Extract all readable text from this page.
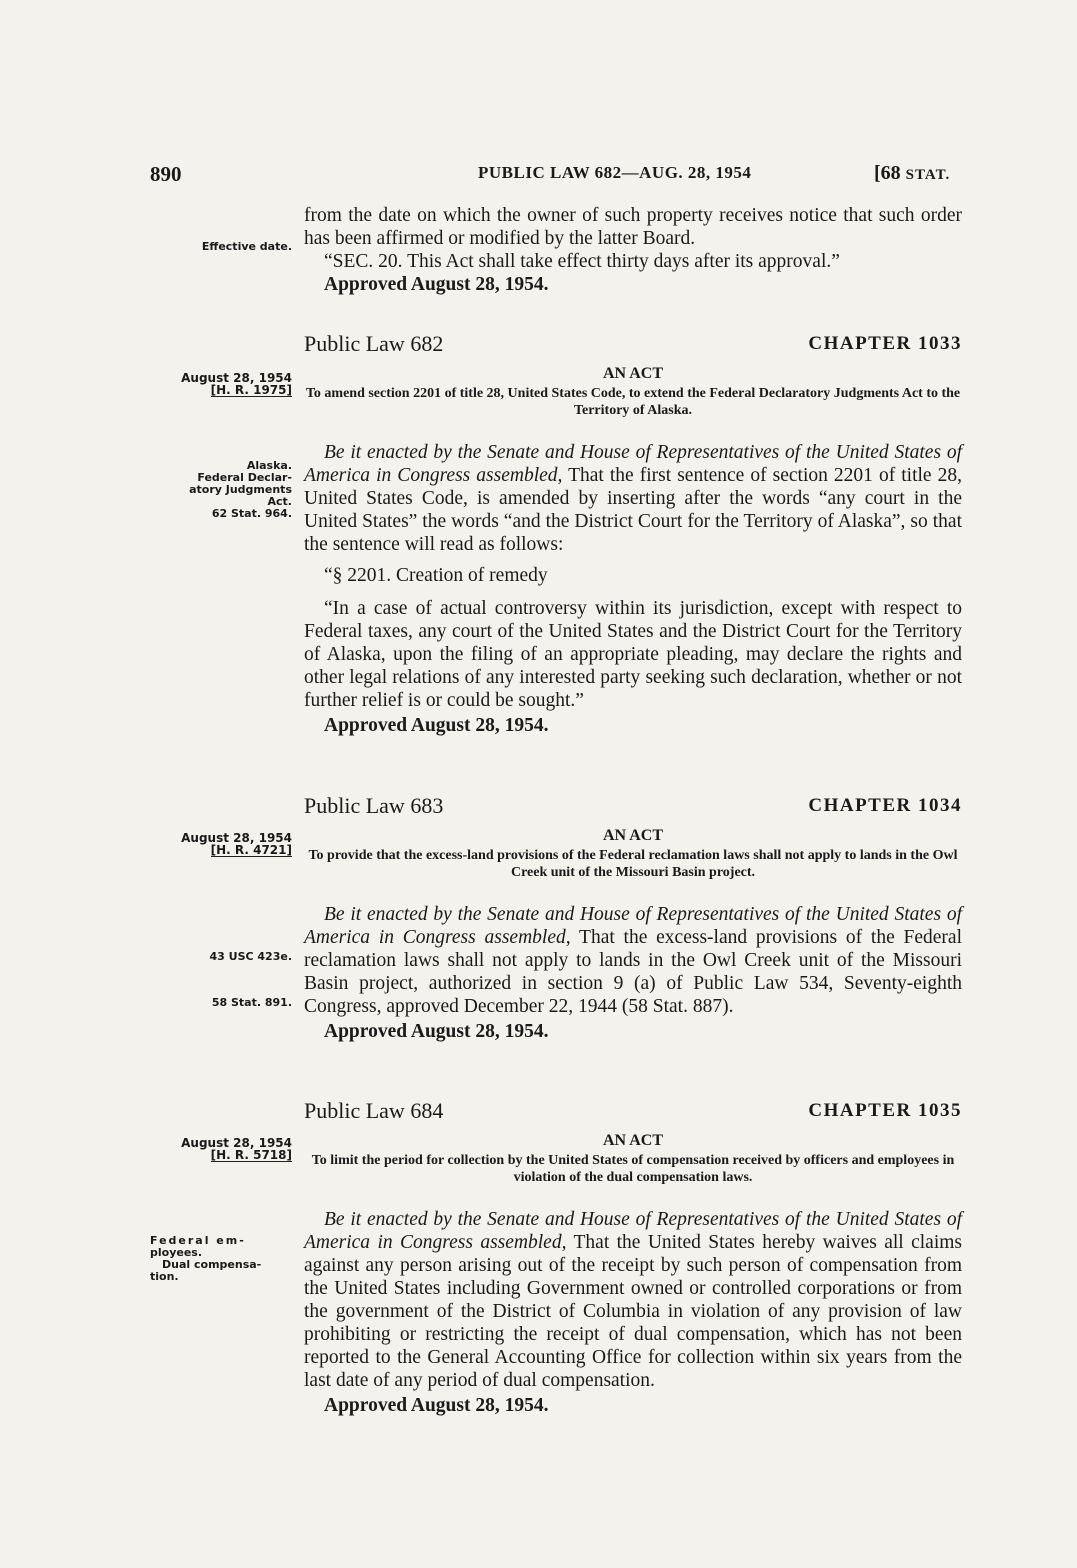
890	PUBLIC LAW 682—AUG. 28, 1954	[68 STAT.
Effective date.
August 28, 1954
[H. R. 1975]
Alaska.
Federal Declar-
atory Judgments
Act.
62 Stat. 964.
August 28, 1954
[H. R. 4721]
43 USC 423e.
58 Stat. 891.
August 28, 1954
[H. R. 5718]
Federal em-
ployees.
Dual compensa-
tion.

from the date on which the owner of such property receives notice that such order has been affirmed or modified by the latter Board.

“SEC. 20. This Act shall take effect thirty days after its approval.”

Approved August 28, 1954.
Public Law 682	CHAPTER 1033
AN ACT
To amend section 2201 of title 28, United States Code, to extend the Federal Declaratory Judgments Act to the Territory of Alaska.

Be it enacted by the Senate and House of Representatives of the United States of America in Congress assembled, That the first sentence of section 2201 of title 28, United States Code, is amended by inserting after the words “any court in the United States” the words “and the District Court for the Territory of Alaska”, so that the sentence will read as follows:

“§ 2201. Creation of remedy

“In a case of actual controversy within its jurisdiction, except with respect to Federal taxes, any court of the United States and the District Court for the Territory of Alaska, upon the filing of an appropriate pleading, may declare the rights and other legal relations of any interested party seeking such declaration, whether or not further relief is or could be sought.”

Approved August 28, 1954.
Public Law 683	CHAPTER 1034
AN ACT
To provide that the excess-land provisions of the Federal reclamation laws shall not apply to lands in the Owl Creek unit of the Missouri Basin project.

Be it enacted by the Senate and House of Representatives of the United States of America in Congress assembled, That the excess-land provisions of the Federal reclamation laws shall not apply to lands in the Owl Creek unit of the Missouri Basin project, authorized in section 9 (a) of Public Law 534, Seventy-eighth Congress, approved December 22, 1944 (58 Stat. 887).

Approved August 28, 1954.
Public Law 684	CHAPTER 1035
AN ACT
To limit the period for collection by the United States of compensation received by officers and employees in violation of the dual compensation laws.

Be it enacted by the Senate and House of Representatives of the United States of America in Congress assembled, That the United States hereby waives all claims against any person arising out of the receipt by such person of compensation from the United States including Government owned or controlled corporations or from the government of the District of Columbia in violation of any provision of law prohibiting or restricting the receipt of dual compensation, which has not been reported to the General Accounting Office for collection within six years from the last date of any period of dual compensation.

Approved August 28, 1954.
